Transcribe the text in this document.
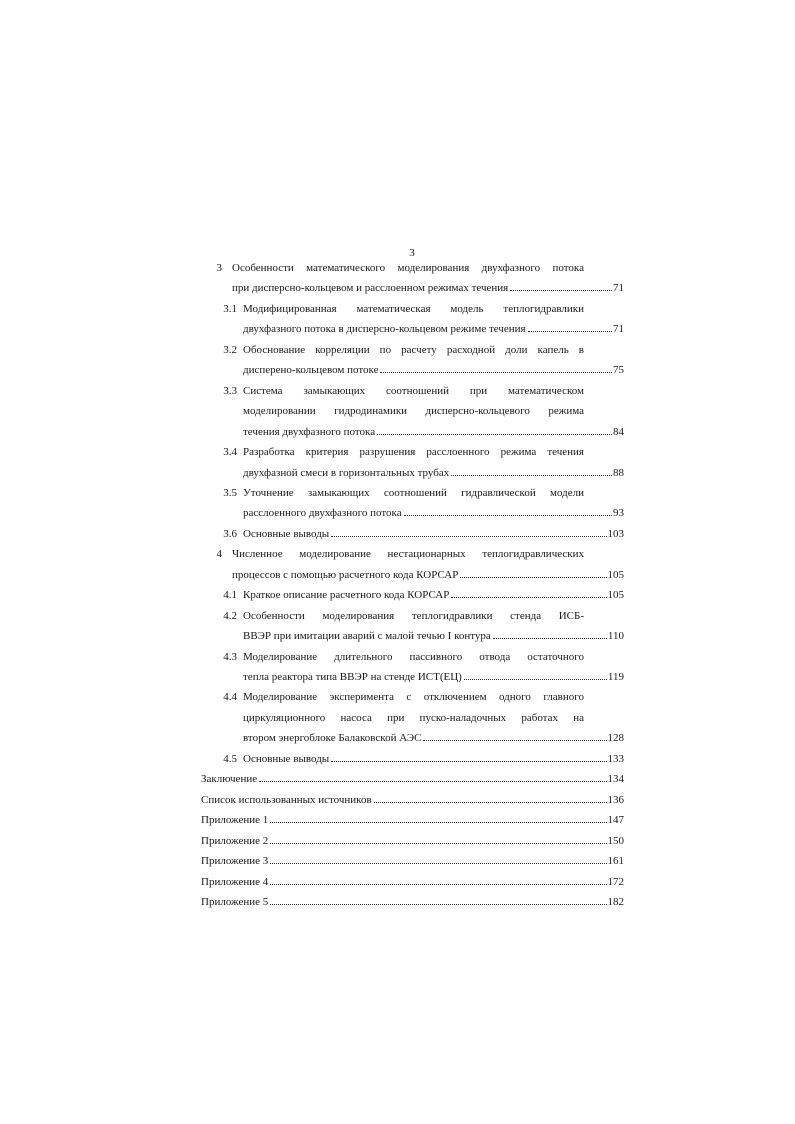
3
3 Особенности математического моделирования двухфазного потока
при дисперсно-кольцевом и расслоенном режимах течения	71
3.1 Модифицированная математическая модель теплогидравлики
двухфазного потока в дисперсно-кольцевом режиме течения	71
3.2 Обоснование корреляции по расчету расходной доли капель в
дисперено-кольцевом потоке	75
3.3 Система замыкающих соотношений при математическом
моделировании гидродинамики дисперсно-кольцевого режима
течения двухфазного потока	84
3.4 Разработка критерия разрушения расслоенного режима течения
двухфазной смеси в горизонтальных трубах	88
3.5 Уточнение замыкающих соотношений гидравлической модели
расслоенного двухфазного потока	93
3.6 Основные выводы	103
4 Численное моделирование нестационарных теплогидравлических
процессов с помощью расчетного кода КОРСАР	105
4.1 Краткое описание расчетного кода КОРСАР	105
4.2 Особенности моделирования теплогидравлики стенда ИСБ-
ВВЭР при имитации аварий с малой течью I контура	110
4.3 Моделирование длительного пассивного отвода остаточного
тепла реактора типа ВВЭР на стенде ИСТ(ЕЦ)	119
4.4 Моделирование эксперимента с отключением одного главного
циркуляционного насоса при пуско-наладочных работах на
втором энергоблоке Балаковской АЭС	128
4.5 Основные выводы	133
Заключение	134
Список использованных источников	136
Приложение 1	147
Приложение 2	150
Приложение 3	161
Приложение 4	172
Приложение 5	182
